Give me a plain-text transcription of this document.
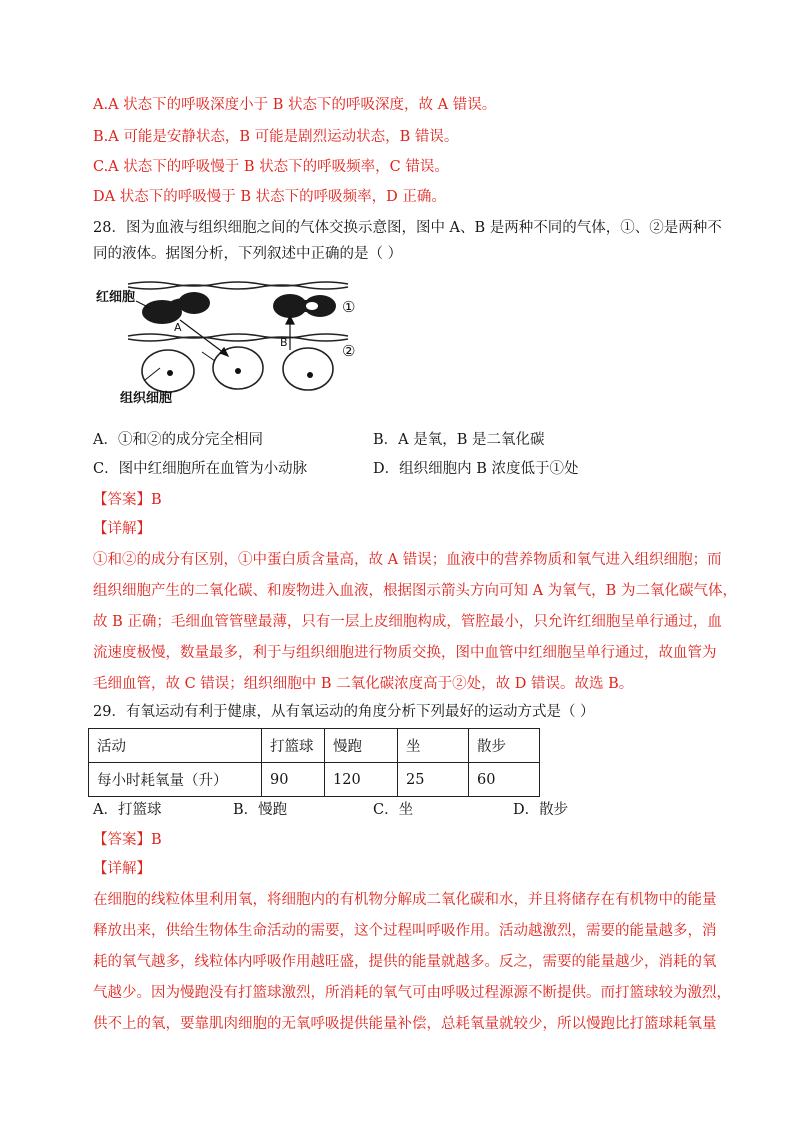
A.A 状态下的呼吸深度小于 B 状态下的呼吸深度，故 A 错误。
B.A 可能是安静状态，B 可能是剧烈运动状态，B 错误。
C.A 状态下的呼吸慢于 B 状态下的呼吸频率，C 错误。
DA 状态下的呼吸慢于 B 状态下的呼吸频率，D 正确。
28．图为血液与组织细胞之间的气体交换示意图，图中 A、B 是两种不同的气体，①、②是两种不
同的液体。据图分析，下列叙述中正确的是（ ）
红细胞
组织细胞
①
②
A
B
A．①和②的成分完全相同	B．A 是氧，B 是二氧化碳
C．图中红细胞所在血管为小动脉	D．组织细胞内 B 浓度低于①处
【答案】B
【详解】
①和②的成分有区别，①中蛋白质含量高，故 A 错误；血液中的营养物质和氧气进入组织细胞；而
组织细胞产生的二氧化碳、和废物进入血液，根据图示箭头方向可知 A 为氧气，B 为二氧化碳气体，
故 B 正确；毛细血管管壁最薄，只有一层上皮细胞构成，管腔最小，只允许红细胞呈单行通过，血
流速度极慢，数量最多，利于与组织细胞进行物质交换，图中血管中红细胞呈单行通过，故血管为
毛细血管，故 C 错误；组织细胞中 B 二氧化碳浓度高于②处，故 D 错误。故选 B。
29．有氧运动有利于健康，从有氧运动的角度分析下列最好的运动方式是（ ）
活动	打篮球	慢跑	坐	散步
每小时耗氧量（升）	90	120	25	60
A．打篮球	B．慢跑	C．坐	D．散步
【答案】B
【详解】
在细胞的线粒体里利用氧，将细胞内的有机物分解成二氧化碳和水，并且将储存在有机物中的能量
释放出来，供给生物体生命活动的需要，这个过程叫呼吸作用。活动越激烈，需要的能量越多，消
耗的氧气越多，线粒体内呼吸作用越旺盛，提供的能量就越多。反之，需要的能量越少，消耗的氧
气越少。因为慢跑没有打篮球激烈，所消耗的氧气可由呼吸过程源源不断提供。而打篮球较为激烈，
供不上的氧，要靠肌肉细胞的无氧呼吸提供能量补偿，总耗氧量就较少，所以慢跑比打篮球耗氧量
